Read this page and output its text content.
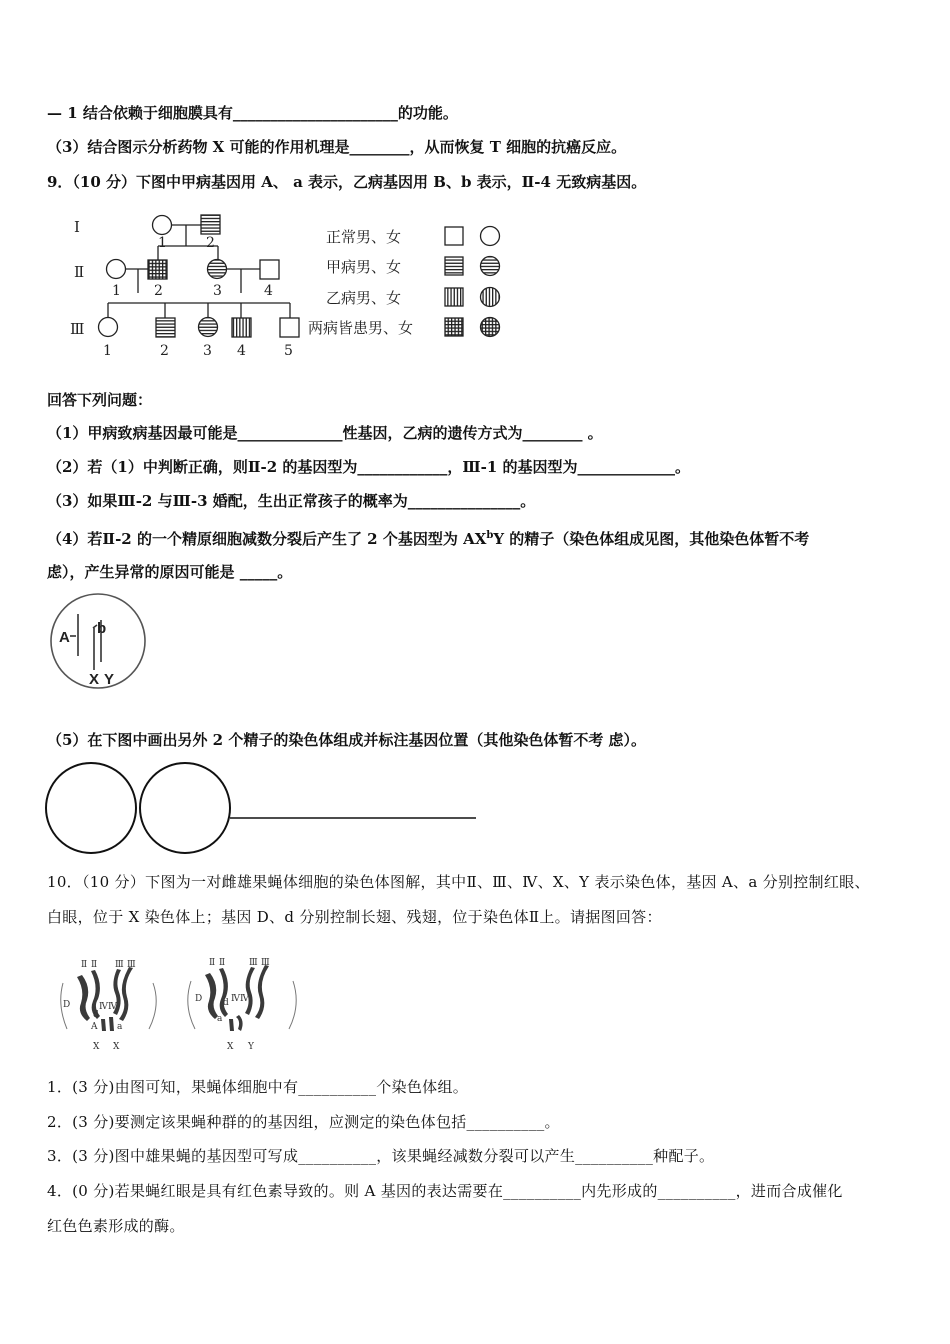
— 1 结合依赖于细胞膜具有______________________的功能。
（3）结合图示分析药物 X 可能的作用机理是________，从而恢复 T 细胞的抗癌反应。
9．（10 分）下图中甲病基因用 A、 a 表示，乙病基因用 B、b 表示，Ⅱ-4 无致病基因。
Ⅰ
Ⅱ
Ⅲ
1	2
1 2	3	4
1	2 3 4	5
正常男、女
甲病男、女
乙病男、女
两病皆患男、女
回答下列问题：
（1）甲病致病基因最可能是______________性基因，乙病的遗传方式为________ 。
（2）若（1）中判断正确，则Ⅱ-2 的基因型为____________，Ⅲ-1 的基因型为_____________。
（3）如果Ⅲ-2 与Ⅲ-3 婚配，生出正常孩子的概率为_______________。
（4）若Ⅱ-2 的一个精原细胞减数分裂后产生了 2 个基因型为 $AX^bY$ 的精子（染色体组成见图，其他染色体暂不考
虑），产生异常的原因可能是 _____。
A
b
X Y
（5）在下图中画出另外 2 个精子的染色体组成并标注基因位置（其他染色体暂不考 虑）。
10．（10 分）下图为一对雌雄果蝇体细胞的染色体图解，其中Ⅱ、Ⅲ、Ⅳ、X、Y 表示染色体，基因 A、a 分别控制红眼、
白眼，位于 X 染色体上；基因 D、d 分别控制长翅、残翅，位于染色体Ⅱ上。请据图回答：
Ⅱ Ⅱ Ⅲ Ⅲ
D
d
ⅣⅣ
A a
X X
Ⅱ Ⅱ	Ⅲ Ⅲ
D d ⅣⅣ
a
X Y
1．(3 分)由图可知，果蝇体细胞中有__________个染色体组。
2．(3 分)要测定该果蝇种群的的基因组，应测定的染色体包括__________。
3．(3 分)图中雄果蝇的基因型可写成__________，该果蝇经减数分裂可以产生__________种配子。
4．(0 分)若果蝇红眼是具有红色素导致的。则 A 基因的表达需要在__________内先形成的__________，进而合成催化
红色色素形成的酶。
